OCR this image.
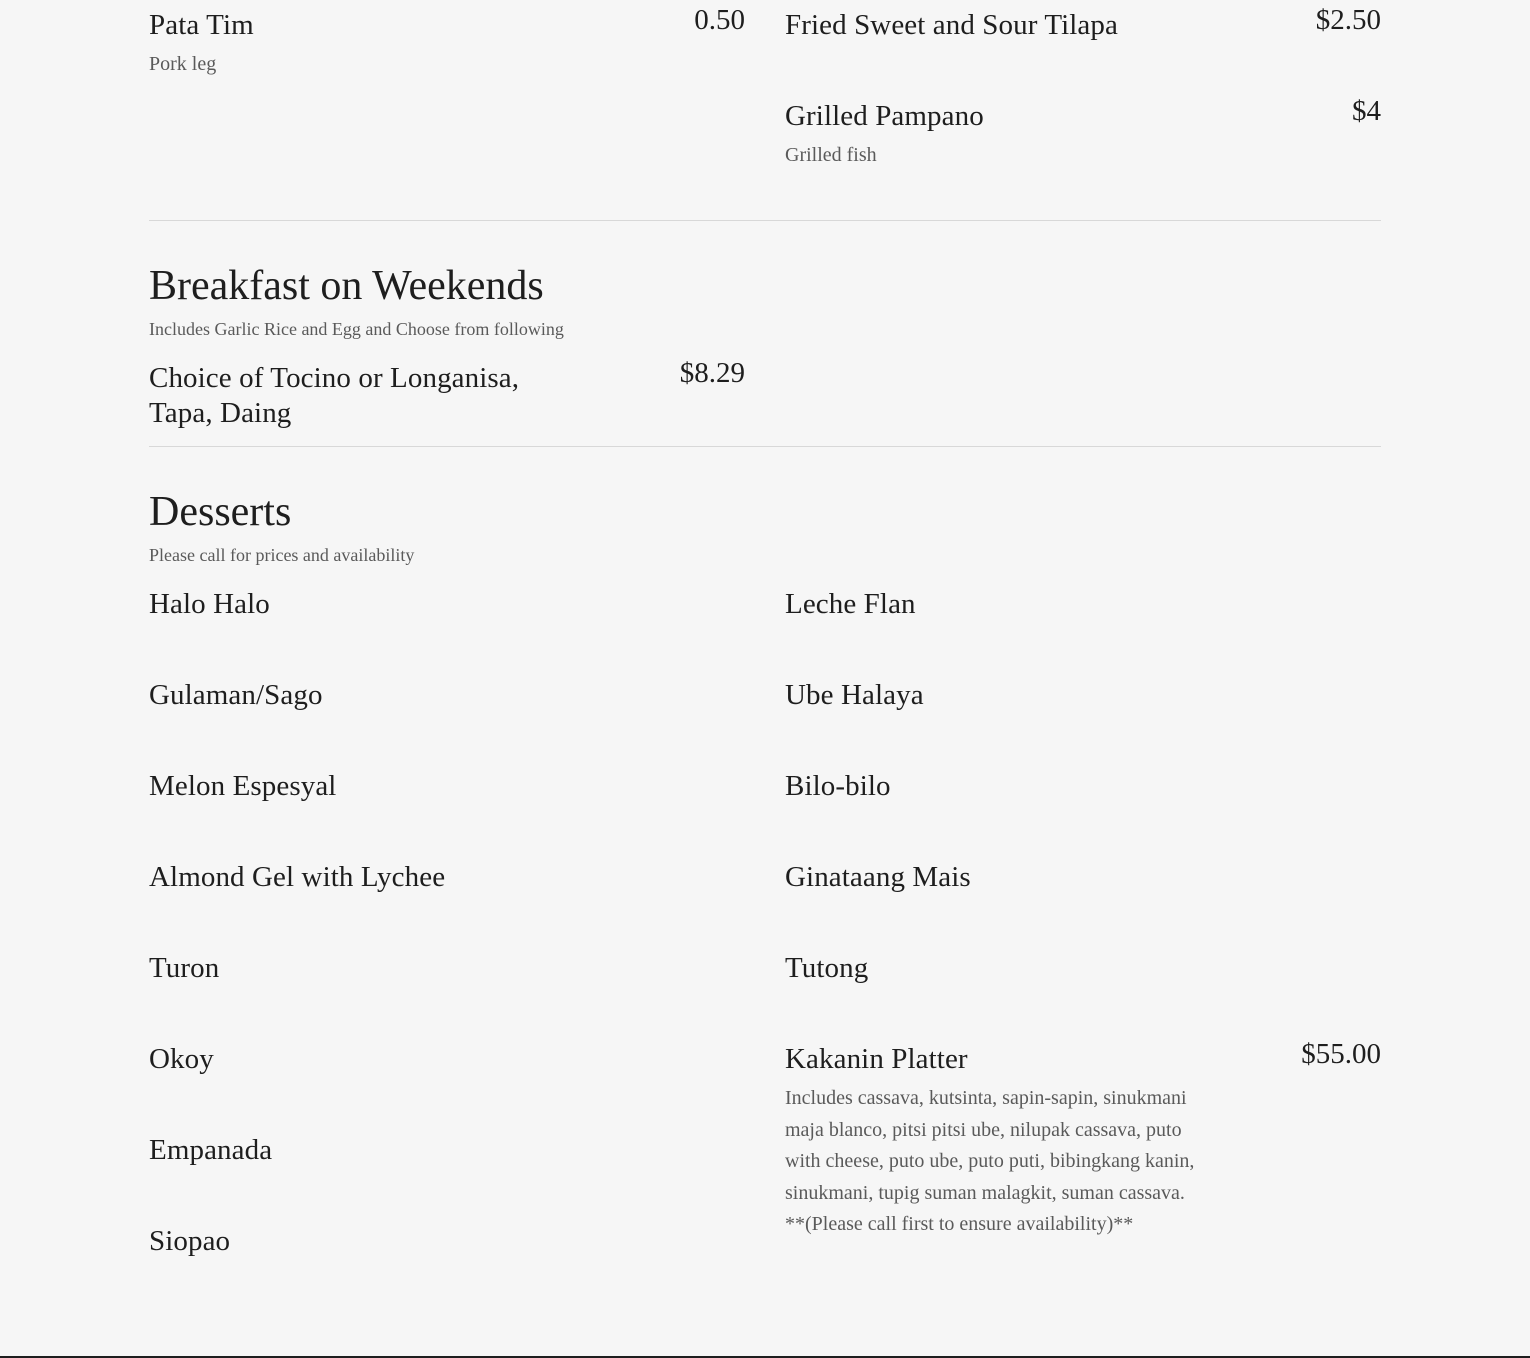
Pata Tim	0.50
Pork leg
Fried Sweet and Sour Tilapa	$2.50
Grilled Pampano	$4
Grilled fish
Breakfast on Weekends
Includes Garlic Rice and Egg and Choose from following
Choice of Tocino or Longanisa, Tapa, Daing
$8.29
Desserts
Please call for prices and availability
Halo Halo
Gulaman/Sago
Melon Espesyal
Almond Gel with Lychee
Turon
Okoy
Empanada
Siopao
Leche Flan
Ube Halaya
Bilo-bilo
Ginataang Mais
Tutong
Kakanin Platter	$55.00
Includes cassava, kutsinta, sapin-sapin, sinukmani maja blanco, pitsi pitsi ube, nilupak cassava, puto with cheese, puto ube, puto puti, bibingkang kanin, sinukmani, tupig suman malagkit, suman cassava. **(Please call first to ensure availability)**
